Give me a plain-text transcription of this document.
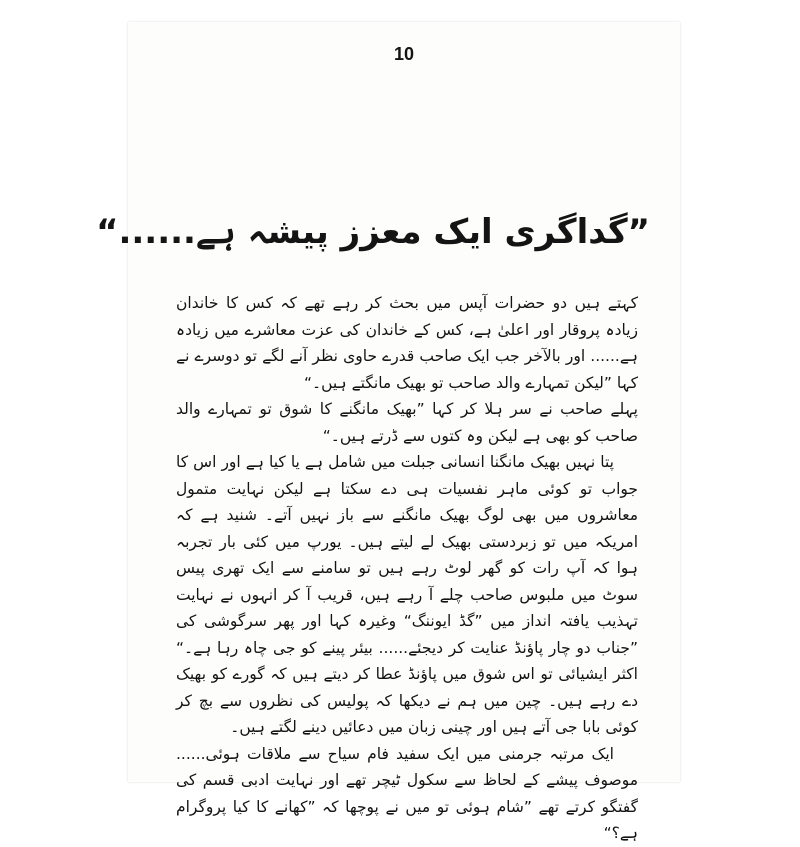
10
”گداگری ایک معزز پیشہ ہے......“

کہتے ہیں دو حضرات آپس میں بحث کر رہے تھے کہ کس کا خاندان زیادہ پروقار اور اعلیٰ ہے، کس کے خاندان کی عزت معاشرے میں زیادہ ہے...... اور بالآخر جب ایک صاحب قدرے حاوی نظر آنے لگے تو دوسرے نے کہا ”لیکن تمہارے والد صاحب تو بھیک مانگتے ہیں۔“

پہلے صاحب نے سر ہلا کر کہا ”بھیک مانگنے کا شوق تو تمہارے والد صاحب کو بھی ہے لیکن وہ کتوں سے ڈرتے ہیں۔“

پتا نہیں بھیک مانگنا انسانی جبلت میں شامل ہے یا کیا ہے اور اس کا جواب تو کوئی ماہر نفسیات ہی دے سکتا ہے لیکن نہایت متمول معاشروں میں بھی لوگ بھیک مانگنے سے باز نہیں آتے۔ شنید ہے کہ امریکہ میں تو زبردستی بھیک لے لیتے ہیں۔ یورپ میں کئی بار تجربہ ہوا کہ آپ رات کو گھر لوٹ رہے ہیں تو سامنے سے ایک تھری پیس سوٹ میں ملبوس صاحب چلے آ رہے ہیں، قریب آ کر انہوں نے نہایت تہذیب یافتہ انداز میں ”گڈ ایوننگ“ وغیرہ کہا اور پھر سرگوشی کی ”جناب دو چار پاؤنڈ عنایت کر دیجئے...... بیئر پینے کو جی چاہ رہا ہے۔“ اکثر ایشیائی تو اس شوق میں پاؤنڈ عطا کر دیتے ہیں کہ گورے کو بھیک دے رہے ہیں۔ چین میں ہم نے دیکھا کہ پولیس کی نظروں سے بچ کر کوئی بابا جی آتے ہیں اور چینی زبان میں دعائیں دینے لگتے ہیں۔

ایک مرتبہ جرمنی میں ایک سفید فام سیاح سے ملاقات ہوئی...... موصوف پیشے کے لحاظ سے سکول ٹیچر تھے اور نہایت ادبی قسم کی گفتگو کرتے تھے ”شام ہوئی تو میں نے پوچھا کہ ”کھانے کا کیا پروگرام ہے؟“
